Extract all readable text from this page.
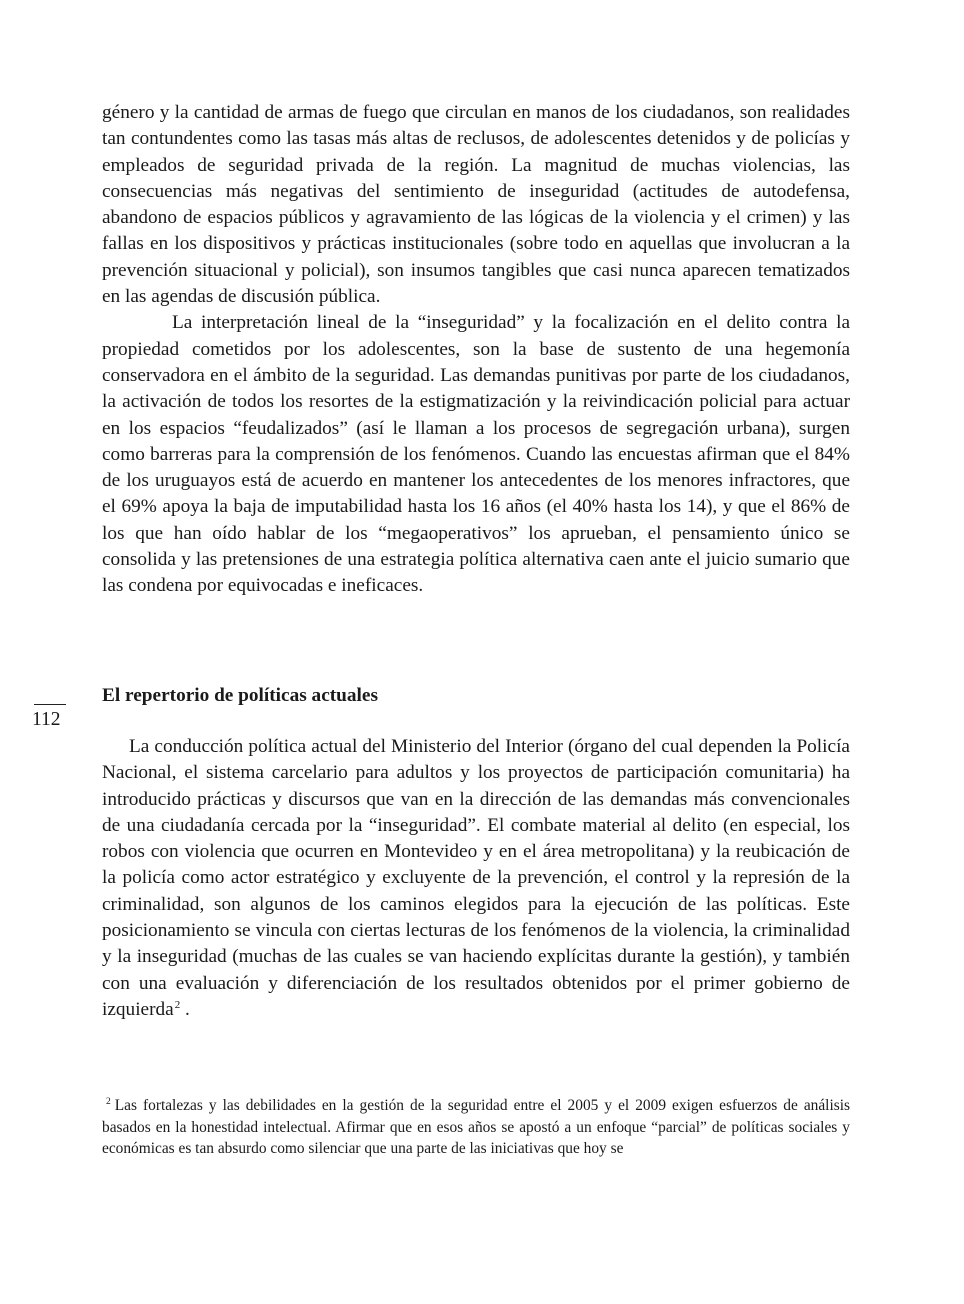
género y la cantidad de armas de fuego que circulan en manos de los ciudadanos, son realidades tan contundentes como las tasas más altas de reclusos, de adolescentes detenidos y de policías y empleados de seguridad privada de la región. La magnitud de muchas violencias, las consecuencias más negativas del sentimiento de inseguridad (actitudes de autodefensa, abandono de espacios públicos y agravamiento de las lógicas de la violencia y el crimen) y las fallas en los dispositivos y prácticas institucionales (sobre todo en aquellas que involucran a la prevención situacional y policial), son insumos tangibles que casi nunca aparecen tematizados en las agendas de discusión pública.

La interpretación lineal de la “inseguridad” y la focalización en el delito contra la propiedad cometidos por los adolescentes, son la base de sustento de una hegemonía conservadora en el ámbito de la seguridad. Las demandas punitivas por parte de los ciudadanos, la activación de todos los resortes de la estigmatización y la reivindicación policial para actuar en los espacios “feudalizados” (así le llaman a los procesos de segregación urbana), surgen como barreras para la comprensión de los fenómenos. Cuando las encuestas afirman que el 84% de los uruguayos está de acuerdo en mantener los antecedentes de los menores infractores, que el 69% apoya la baja de imputabilidad hasta los 16 años (el 40% hasta los 14), y que el 86% de los que han oído hablar de los “megaoperativos” los aprueban, el pensamiento único se consolida y las pretensiones de una estrategia política alternativa caen ante el juicio sumario que las condena por equivocadas e ineficaces.

112
El repertorio de políticas actuales

La conducción política actual del Ministerio del Interior (órgano del cual dependen la Policía Nacional, el sistema carcelario para adultos y los proyectos de participación comunitaria) ha introducido prácticas y discursos que van en la dirección de las demandas más convencionales de una ciudadanía cercada por la “inseguridad”. El combate material al delito (en especial, los robos con violencia que ocurren en Montevideo y en el área metropolitana) y la reubicación de la policía como actor estratégico y excluyente de la prevención, el control y la represión de la criminalidad, son algunos de los caminos elegidos para la ejecución de las políticas. Este posicionamiento se vincula con ciertas lecturas de los fenómenos de la violencia, la criminalidad y la inseguridad (muchas de las cuales se van haciendo explícitas durante la gestión), y también con una evaluación y diferenciación de los resultados obtenidos por el primer gobierno de izquierda$^2$ .

$^2$ Las fortalezas y las debilidades en la gestión de la seguridad entre el 2005 y el 2009 exigen esfuerzos de análisis basados en la honestidad intelectual. Afirmar que en esos años se apostó a un enfoque “parcial” de políticas sociales y económicas es tan absurdo como silenciar que una parte de las iniciativas que hoy se
